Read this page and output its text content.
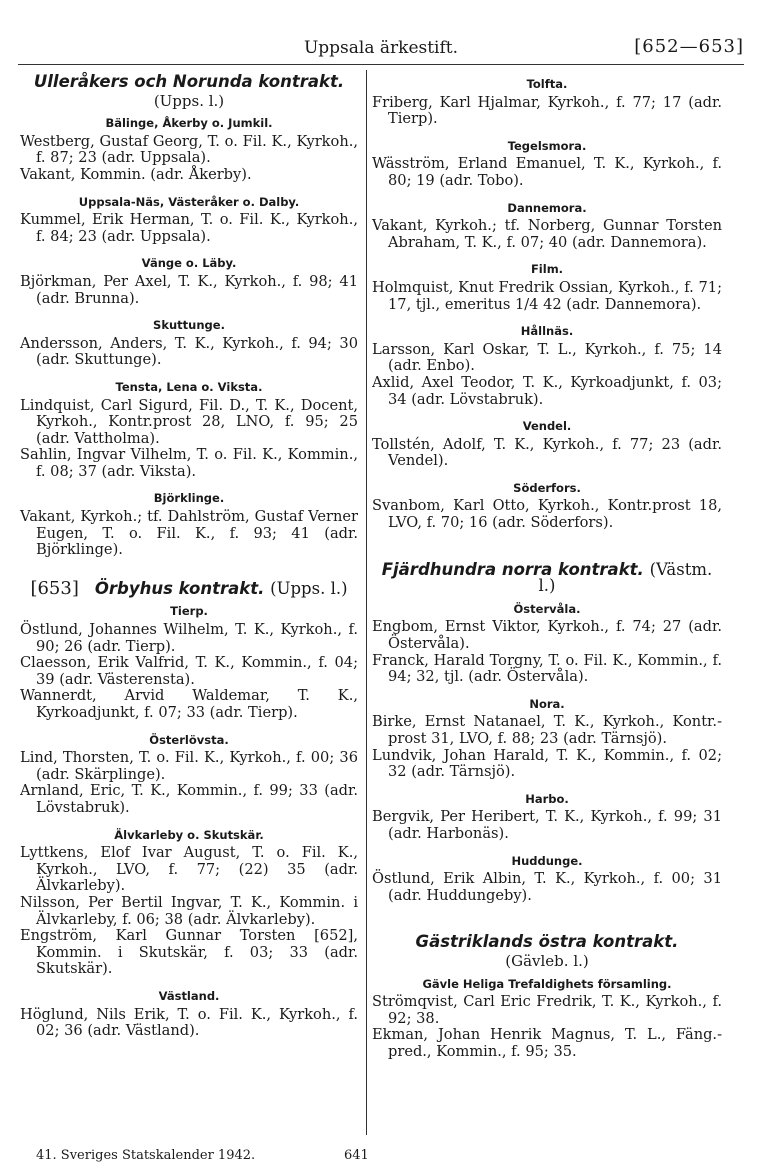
Uppsala ärkestift.	[652—653]
Ulleråkers och Norunda kontrakt.
(Upps. l.)
Bälinge, Åkerby o. Jumkil.

Westberg, Gustaf Georg, T. o. Fil. K., Kyrkoh., f. 87; 23 (adr. Uppsala).

Vakant, Kommin. (adr. Åkerby).

Uppsala-Näs, Västeråker o. Dalby.

Kummel, Erik Herman, T. o. Fil. K., Kyrkoh., f. 84; 23 (adr. Uppsala).

Vänge o. Läby.

Björkman, Per Axel, T. K., Kyrkoh., f. 98; 41 (adr. Brunna).

Skuttunge.

Andersson, Anders, T. K., Kyrkoh., f. 94; 30 (adr. Skuttunge).

Tensta, Lena o. Viksta.

Lindquist, Carl Sigurd, Fil. D., T. K., Docent, Kyrkoh., Kontr.prost 28, LNO, f. 95; 25 (adr. Vattholma).

Sahlin, Ingvar Vilhelm, T. o. Fil. K., Kommin., f. 08; 37 (adr. Viksta).

Björklinge.

Vakant, Kyrkoh.; tf. Dahlström, Gustaf Verner Eugen, T. o. Fil. K., f. 93; 41 (adr. Björklinge).

[653] Örbyhus kontrakt. (Upps. l.)
Tierp.

Östlund, Johannes Wilhelm, T. K., Kyrkoh., f. 90; 26 (adr. Tierp).

Claesson, Erik Valfrid, T. K., Kommin., f. 04; 39 (adr. Västerensta).

Wannerdt, Arvid Waldemar, T. K., Kyrkoadjunkt, f. 07; 33 (adr. Tierp).

Österlövsta.

Lind, Thorsten, T. o. Fil. K., Kyrkoh., f. 00; 36 (adr. Skärplinge).

Arnland, Eric, T. K., Kommin., f. 99; 33 (adr. Lövstabruk).

Älvkarleby o. Skutskär.

Lyttkens, Elof Ivar August, T. o. Fil. K., Kyrkoh., LVO, f. 77; (22) 35 (adr. Älvkarleby).

Nilsson, Per Bertil Ingvar, T. K., Kommin. i Älvkarleby, f. 06; 38 (adr. Älvkarleby).

Engström, Karl Gunnar Torsten [652], Kommin. i Skutskär, f. 03; 33 (adr. Skutskär).

Västland.

Höglund, Nils Erik, T. o. Fil. K., Kyrkoh., f. 02; 36 (adr. Västland).

Tolfta.

Friberg, Karl Hjalmar, Kyrkoh., f. 77; 17 (adr. Tierp).

Tegelsmora.

Wäsström, Erland Emanuel, T. K., Kyrkoh., f. 80; 19 (adr. Tobo).

Dannemora.

Vakant, Kyrkoh.; tf. Norberg, Gunnar Torsten Abraham, T. K., f. 07; 40 (adr. Dannemora).

Film.

Holmquist, Knut Fredrik Ossian, Kyrkoh., f. 71; 17, tjl., emeritus 1/4 42 (adr. Dannemora).

Hållnäs.

Larsson, Karl Oskar, T. L., Kyrkoh., f. 75; 14 (adr. Enbo).

Axlid, Axel Teodor, T. K., Kyrkoadjunkt, f. 03; 34 (adr. Lövstabruk).

Vendel.

Tollstén, Adolf, T. K., Kyrkoh., f. 77; 23 (adr. Vendel).

Söderfors.

Svanbom, Karl Otto, Kyrkoh., Kontr.prost 18, LVO, f. 70; 16 (adr. Söderfors).

Fjärdhundra norra kontrakt. (Västm. l.)
Östervåla.

Engbom, Ernst Viktor, Kyrkoh., f. 74; 27 (adr. Östervåla).

Franck, Harald Torgny, T. o. Fil. K., Kommin., f. 94; 32, tjl. (adr. Östervåla).

Nora.

Birke, Ernst Natanael, T. K., Kyrkoh., Kontr.-prost 31, LVO, f. 88; 23 (adr. Tärnsjö).

Lundvik, Johan Harald, T. K., Kommin., f. 02; 32 (adr. Tärnsjö).

Harbo.

Bergvik, Per Heribert, T. K., Kyrkoh., f. 99; 31 (adr. Harbonäs).

Huddunge.

Östlund, Erik Albin, T. K., Kyrkoh., f. 00; 31 (adr. Huddungeby).

Gästriklands östra kontrakt.
(Gävleb. l.)
Gävle Heliga Trefaldighets församling.

Strömqvist, Carl Eric Fredrik, T. K., Kyrkoh., f. 92; 38.

Ekman, Johan Henrik Magnus, T. L., Fäng.-pred., Kommin., f. 95; 35.

41. Sveriges Statskalender 1942.	641
